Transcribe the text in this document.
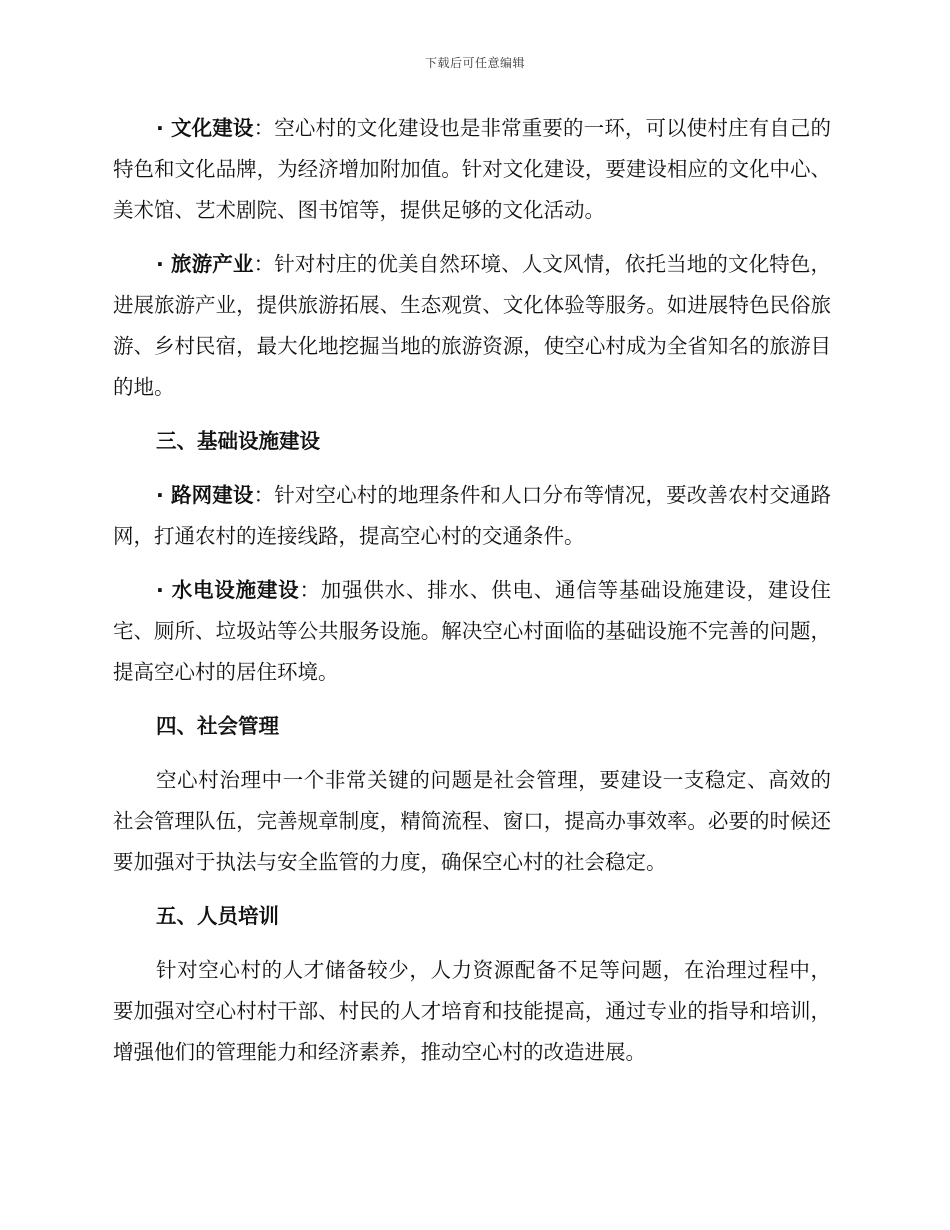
下载后可任意编辑

· 文化建设：空心村的文化建设也是非常重要的一环，可以使村庄有自己的特色和文化品牌，为经济增加附加值。针对文化建设，要建设相应的文化中心、美术馆、艺术剧院、图书馆等，提供足够的文化活动。

· 旅游产业：针对村庄的优美自然环境、人文风情，依托当地的文化特色，进展旅游产业，提供旅游拓展、生态观赏、文化体验等服务。如进展特色民俗旅游、乡村民宿，最大化地挖掘当地的旅游资源，使空心村成为全省知名的旅游目的地。

三、基础设施建设

· 路网建设：针对空心村的地理条件和人口分布等情况，要改善农村交通路网，打通农村的连接线路，提高空心村的交通条件。

· 水电设施建设：加强供水、排水、供电、通信等基础设施建设，建设住宅、厕所、垃圾站等公共服务设施。解决空心村面临的基础设施不完善的问题，提高空心村的居住环境。

四、社会管理

空心村治理中一个非常关键的问题是社会管理，要建设一支稳定、高效的社会管理队伍，完善规章制度，精简流程、窗口，提高办事效率。必要的时候还要加强对于执法与安全监管的力度，确保空心村的社会稳定。

五、人员培训

针对空心村的人才储备较少，人力资源配备不足等问题，在治理过程中，要加强对空心村村干部、村民的人才培育和技能提高，通过专业的指导和培训，增强他们的管理能力和经济素养，推动空心村的改造进展。
